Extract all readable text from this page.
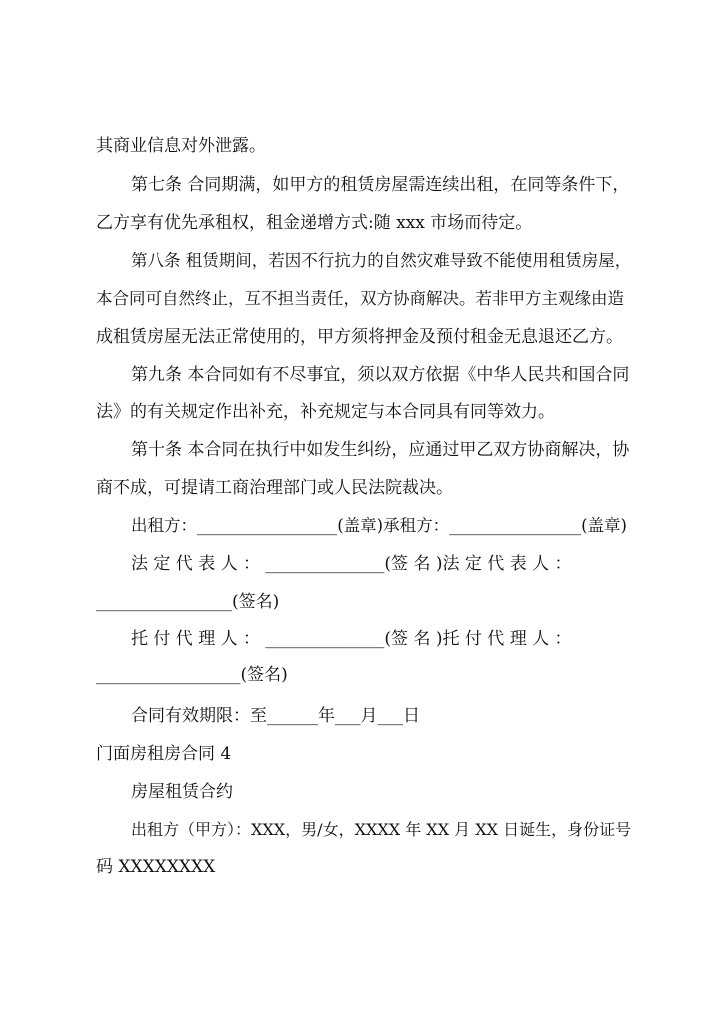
其商业信息对外泄露。
第七条 合同期满，如甲方的租赁房屋需连续出租，在同等条件下，
乙方享有优先承租权，租金递增方式:随 xxx 市场而待定。
第八条 租赁期间，若因不行抗力的自然灾难导致不能使用租赁房屋，
本合同可自然终止，互不担当责任，双方协商解决。若非甲方主观缘由造
成租赁房屋无法正常使用的，甲方须将押金及预付租金无息退还乙方。
第九条 本合同如有不尽事宜，须以双方依据《中华人民共和国合同
法》的有关规定作出补充，补充规定与本合同具有同等效力。
第十条 本合同在执行中如发生纠纷，应通过甲乙双方协商解决，协
商不成，可提请工商治理部门或人民法院裁决。
出租方：_________________(盖章)承租方：________________(盖章)
法 定 代 表 人 ： ______________(签 名 )法 定 代 表 人 ：
________________(签名)
托 付 代 理 人 ： ______________(签 名 )托 付 代 理 人 ：
_________________(签名)
合同有效期限：至______年___月___日
门面房租房合同 4
房屋租赁合约
出租方（甲方）：XXX，男/女，XXXX 年 XX 月 XX 日诞生，身份证号
码 XXXXXXXX
